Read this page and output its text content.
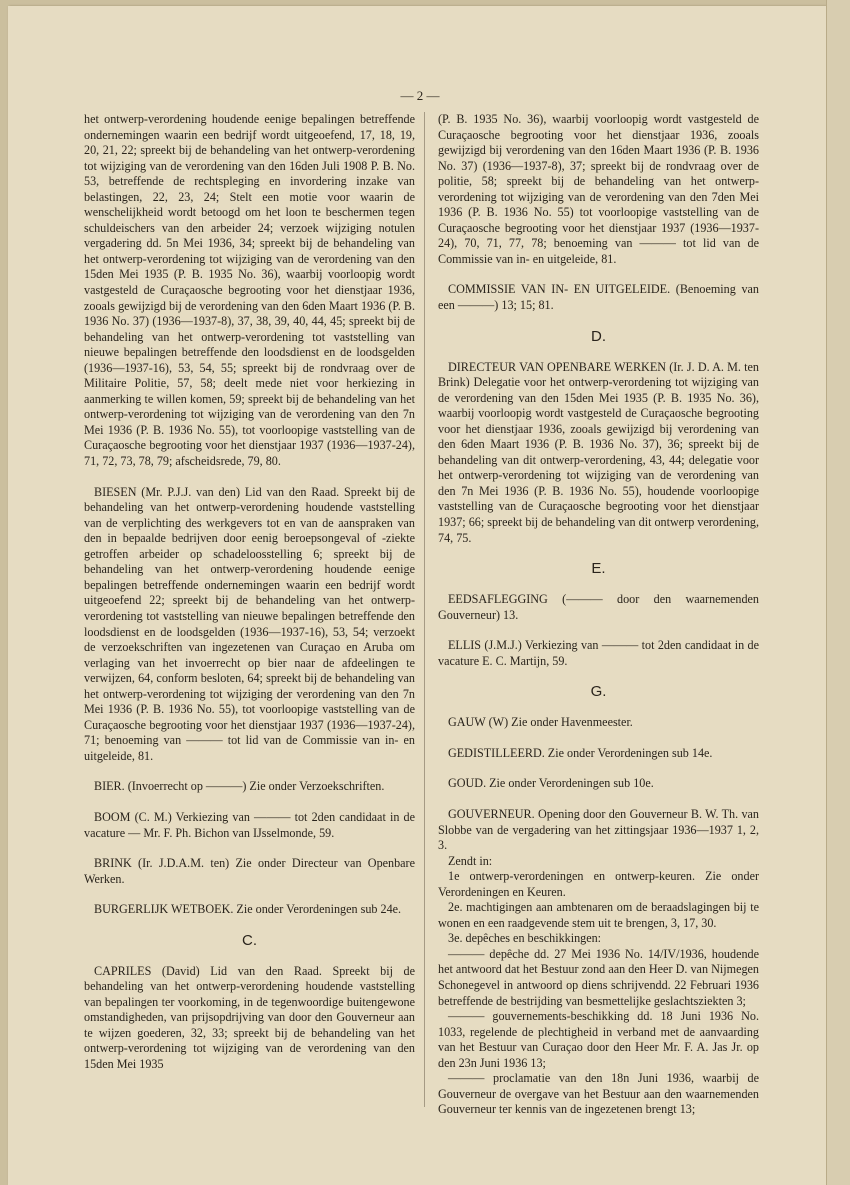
— 2 —

het ontwerp-verordening houdende eenige bepalingen betreffende ondernemingen waarin een bedrijf wordt uitgeoefend, 17, 18, 19, 20, 21, 22; spreekt bij de behandeling van het ontwerp-verordening tot wijziging van de verordening van den 16den Juli 1908 P. B. No. 53, betreffende de rechtspleging en invordering inzake van belastingen, 22, 23, 24; Stelt een motie voor waarin de wenschelijkheid wordt betoogd om het loon te beschermen tegen schuldeischers van den arbeider 24; verzoek wijziging notulen vergadering dd. 5n Mei 1936, 34; spreekt bij de behandeling van het ontwerp-verordening tot wijziging van de verordening van den 15den Mei 1935 (P. B. 1935 No. 36), waarbij voorloopig wordt vastgesteld de Curaçaosche begrooting voor het dienstjaar 1936, zooals gewijzigd bij de verordening van den 6den Maart 1936 (P. B. 1936 No. 37) (1936—1937-8), 37, 38, 39, 40, 44, 45; spreekt bij de behandeling van het ontwerp-verordening tot vaststelling van nieuwe bepalingen betreffende den loodsdienst en de loodsgelden (1936—1937-16), 53, 54, 55; spreekt bij de rondvraag over de Militaire Politie, 57, 58; deelt mede niet voor herkiezing in aanmerking te willen komen, 59; spreekt bij de behandeling van het ontwerp-verordening tot wijziging van de verordening van den 7n Mei 1936 (P. B. 1936 No. 55), tot voorloopige vaststelling van de Curaçaosche begrooting voor het dienstjaar 1937 (1936—1937-24), 71, 72, 73, 78, 79; afscheidsrede, 79, 80.

BIESEN (Mr. P.J.J. van den) Lid van den Raad. Spreekt bij de behandeling van het ontwerp-verordening houdende vaststelling van de verplichting des werkgevers tot en van de aanspraken van den in bepaalde bedrijven door eenig beroepsongeval of -ziekte getroffen arbeider op schadeloosstelling 6; spreekt bij de behandeling van het ontwerp-verordening houdende eenige bepalingen betreffende ondernemingen waarin een bedrijf wordt uitgeoefend 22; spreekt bij de behandeling van het ontwerp-verordening tot vaststelling van nieuwe bepalingen betreffende den loodsdienst en de loodsgelden (1936—1937-16), 53, 54; verzoekt de verzoekschriften van ingezetenen van Curaçao en Aruba om verlaging van het invoerrecht op bier naar de afdeelingen te verwijzen, 64, conform besloten, 64; spreekt bij de behandeling van het ontwerp-verordening tot wijziging der verordening van den 7n Mei 1936 (P. B. 1936 No. 55), tot voorloopige vaststelling van de Curaçaosche begrooting voor het dienstjaar 1937 (1936—1937-24), 71; benoeming van ——— tot lid van de Commissie van in- en uitgeleide, 81.

BIER. (Invoerrecht op ———) Zie onder Verzoekschriften.

BOOM (C. M.) Verkiezing van ——— tot 2den candidaat in de vacature — Mr. F. Ph. Bichon van IJsselmonde, 59.

BRINK (Ir. J.D.A.M. ten) Zie onder Directeur van Openbare Werken.

BURGERLIJK WETBOEK. Zie onder Verordeningen sub 24e.

C.

CAPRILES (David) Lid van den Raad. Spreekt bij de behandeling van het ontwerp-verordening houdende vaststelling van bepalingen ter voorkoming, in de tegenwoordige buitengewone omstandigheden, van prijsopdrijving van door den Gouverneur aan te wijzen goederen, 32, 33; spreekt bij de behandeling van het ontwerp-verordening tot wijziging van de verordening van den 15den Mei 1935

(P. B. 1935 No. 36), waarbij voorloopig wordt vastgesteld de Curaçaosche begrooting voor het dienstjaar 1936, zooals gewijzigd bij verordening van den 16den Maart 1936 (P. B. 1936 No. 37) (1936—1937-8), 37; spreekt bij de rondvraag over de politie, 58; spreekt bij de behandeling van het ontwerp-verordening tot wijziging van de verordening van den 7den Mei 1936 (P. B. 1936 No. 55) tot voorloopige vaststelling van de Curaçaosche begrooting voor het dienstjaar 1937 (1936—1937-24), 70, 71, 77, 78; benoeming van ——— tot lid van de Commissie van in- en uitgeleide, 81.

COMMISSIE VAN IN- EN UITGELEIDE. (Benoeming van een ———) 13; 15; 81.

D.

DIRECTEUR VAN OPENBARE WERKEN (Ir. J. D. A. M. ten Brink) Delegatie voor het ontwerp-verordening tot wijziging van de verordening van den 15den Mei 1935 (P. B. 1935 No. 36), waarbij voorloopig wordt vastgesteld de Curaçaosche begrooting voor het dienstjaar 1936, zooals gewijzigd bij verordening van den 6den Maart 1936 (P. B. 1936 No. 37), 36; spreekt bij de behandeling van dit ontwerp-verordening, 43, 44; delegatie voor het ontwerp-verordening tot wijziging van de verordening van den 7n Mei 1936 (P. B. 1936 No. 55), houdende voorloopige vaststelling van de Curaçaosche begrooting voor het dienstjaar 1937; 66; spreekt bij de behandeling van dit ontwerp verordening, 74, 75.

E.

EEDSAFLEGGING (——— door den waarnemenden Gouverneur) 13.

ELLIS (J.M.J.) Verkiezing van ——— tot 2den candidaat in de vacature E. C. Martijn, 59.

G.

GAUW (W) Zie onder Havenmeester.

GEDISTILLEERD. Zie onder Verordeningen sub 14e.

GOUD. Zie onder Verordeningen sub 10e.

GOUVERNEUR. Opening door den Gouverneur B. W. Th. van Slobbe van de vergadering van het zittingsjaar 1936—1937 1, 2, 3.

Zendt in:

1e ontwerp-verordeningen en ontwerp-keuren. Zie onder Verordeningen en Keuren.

2e. machtigingen aan ambtenaren om de beraadslagingen bij te wonen en een raadgevende stem uit te brengen, 3, 17, 30.

3e. depêches en beschikkingen:

——— depêche dd. 27 Mei 1936 No. 14/IV/1936, houdende het antwoord dat het Bestuur zond aan den Heer D. van Nijmegen Schonegevel in antwoord op diens schrijvendd. 22 Februari 1936 betreffende de bestrijding van besmettelijke geslachtsziekten 3;

——— gouvernements-beschikking dd. 18 Juni 1936 No. 1033, regelende de plechtigheid in verband met de aanvaarding van het Bestuur van Curaçao door den Heer Mr. F. A. Jas Jr. op den 23n Juni 1936 13;

——— proclamatie van den 18n Juni 1936, waarbij de Gouverneur de overgave van het Bestuur aan den waarnemenden Gouverneur ter kennis van de ingezetenen brengt 13;
